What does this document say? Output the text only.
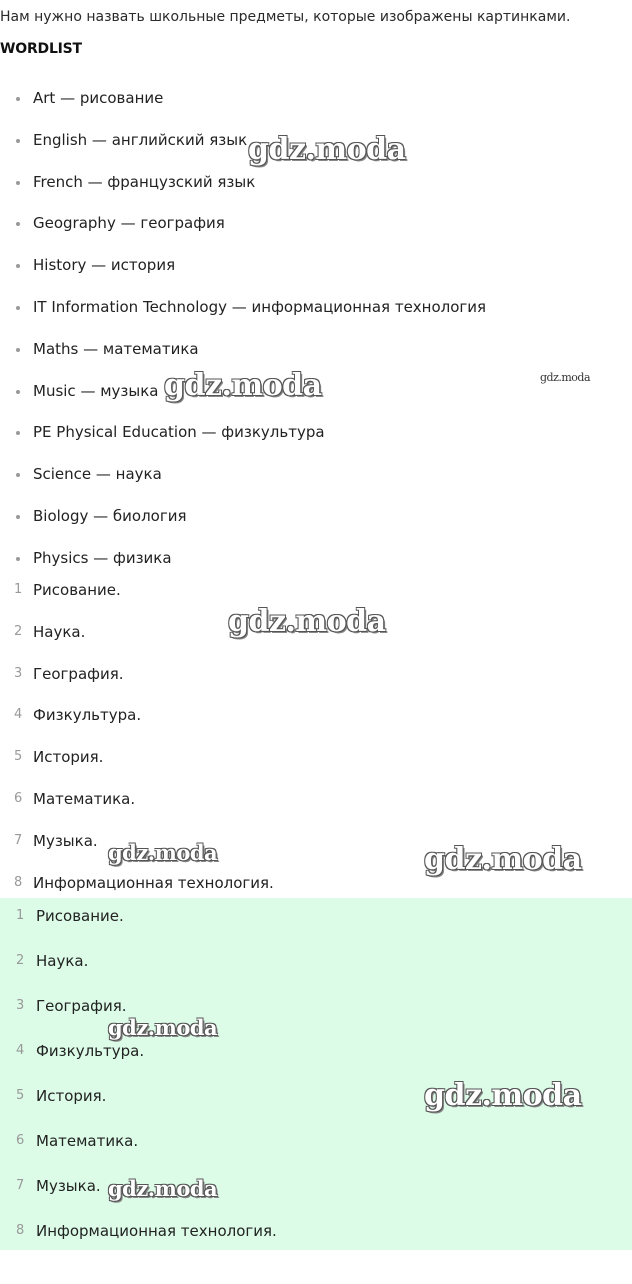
Нам нужно назвать школьные предметы, которые изображены картинками.
WORDLIST
Art — рисование
English — английский язык
French — французский язык
Geography — география
History — история
IT Information Technology — информационная технология
Maths — математика
Music — музыка
PE Physical Education — физкультура
Science — наука
Biology — биология
Physics — физика
1 Рисование.
2 Наука.
3 География.
4 Физкультура.
5 История.
6 Математика.
7 Музыка.
8 Информационная технология.
1 Рисование.
2 Наука.
3 География.
4 Физкультура.
5 История.
6 Математика.
7 Музыка.
8 Информационная технология.
gdz.moda
gdz.moda	gdz.moda
gdz.moda
gdz.moda	gdz.moda
gdz.moda
gdz.moda
gdz.moda
